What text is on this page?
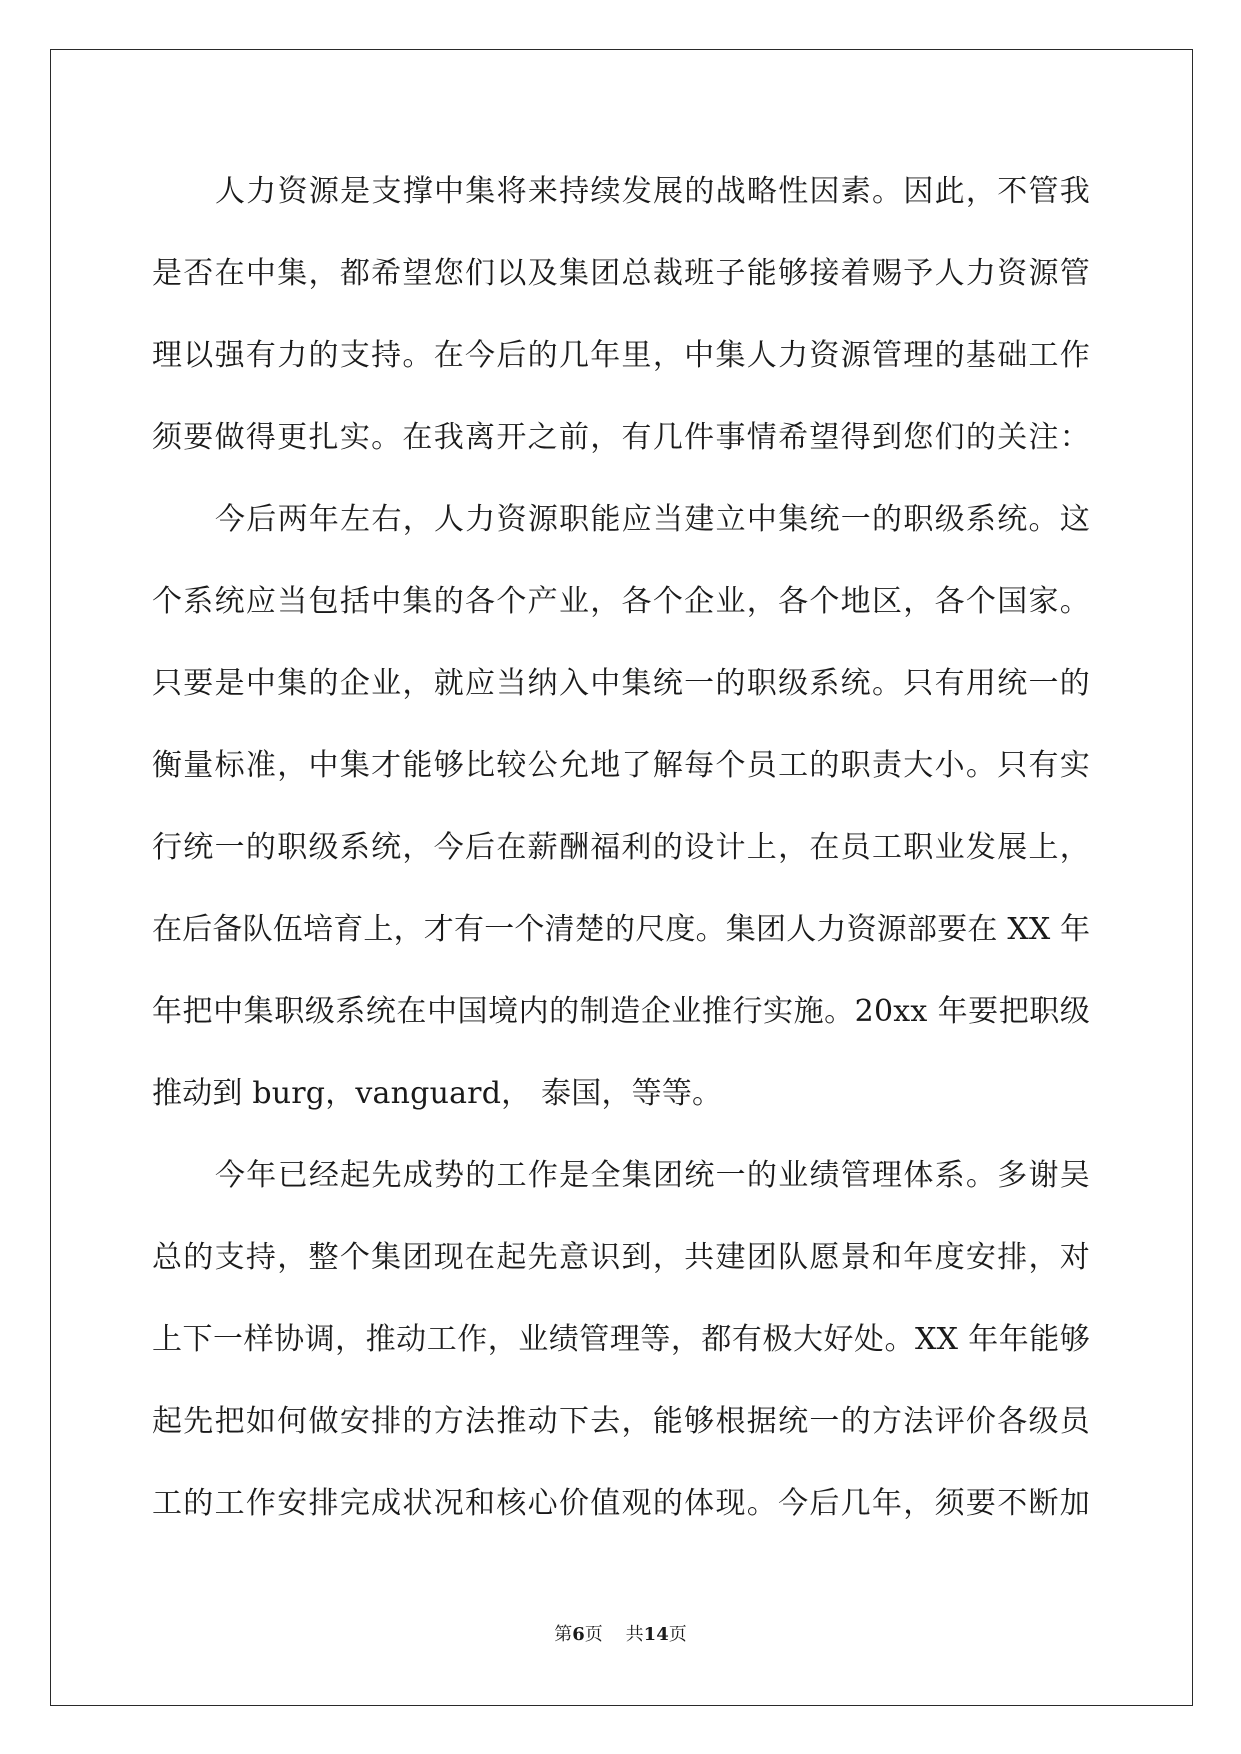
人力资源是支撑中集将来持续发展的战略性因素。因此，不管我
是否在中集，都希望您们以及集团总裁班子能够接着赐予人力资源管
理以强有力的支持。在今后的几年里，中集人力资源管理的基础工作
须要做得更扎实。在我离开之前，有几件事情希望得到您们的关注：
今后两年左右，人力资源职能应当建立中集统一的职级系统。这
个系统应当包括中集的各个产业，各个企业，各个地区，各个国家。
只要是中集的企业，就应当纳入中集统一的职级系统。只有用统一的
衡量标准，中集才能够比较公允地了解每个员工的职责大小。只有实
行统一的职级系统，今后在薪酬福利的设计上，在员工职业发展上，
在后备队伍培育上，才有一个清楚的尺度。集团人力资源部要在 XX 年
年把中集职级系统在中国境内的制造企业推行实施。20xx 年要把职级
推动到 burg，vanguard， 泰国，等等。
今年已经起先成势的工作是全集团统一的业绩管理体系。多谢吴
总的支持，整个集团现在起先意识到，共建团队愿景和年度安排，对
上下一样协调，推动工作，业绩管理等，都有极大好处。XX 年年能够
起先把如何做安排的方法推动下去，能够根据统一的方法评价各级员
工的工作安排完成状况和核心价值观的体现。今后几年，须要不断加
第6页 共14页
